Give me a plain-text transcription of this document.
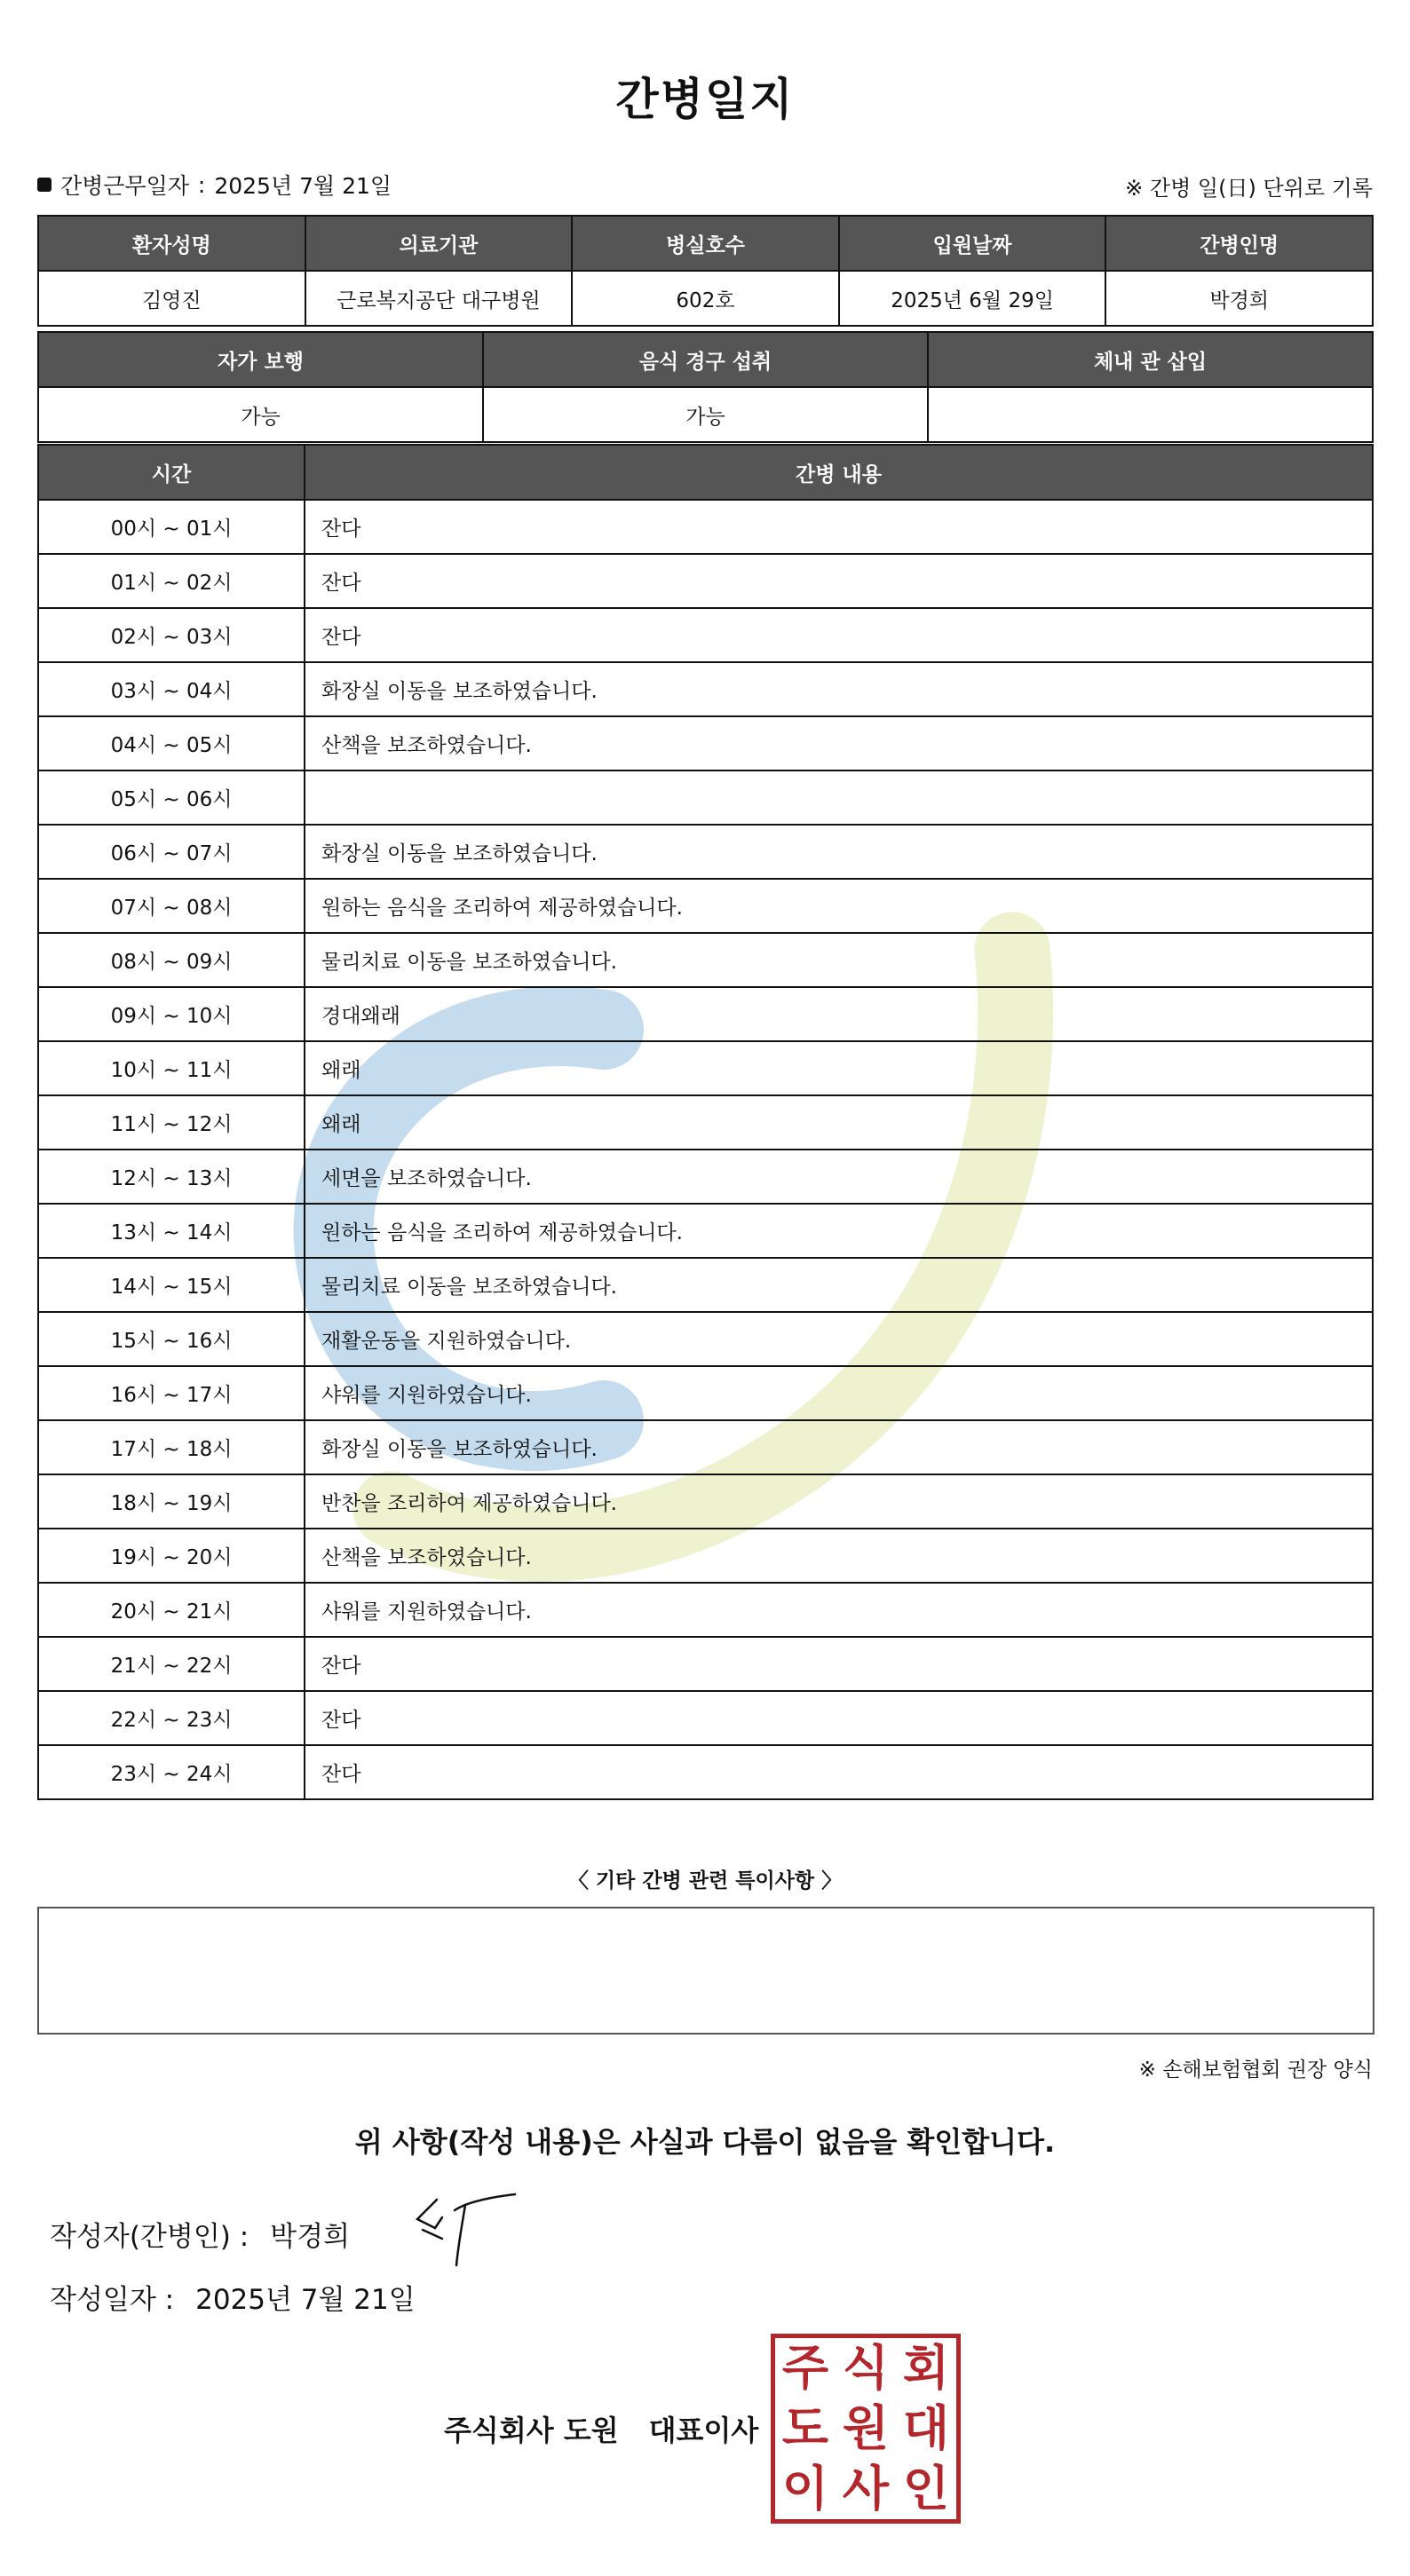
간병일지
간병근무일자 : 2025년 7월 21일	※ 간병 일(日) 단위로 기록
환자성명	의료기관	병실호수	입원날짜	간병인명
김영진	근로복지공단 대구병원	602호	2025년 6월 29일	박경희
자가 보행	음식 경구 섭취	체내 관 삽입
가능	가능	
시간	간병 내용
00시 ~ 01시	잔다
01시 ~ 02시	잔다
02시 ~ 03시	잔다
03시 ~ 04시	화장실 이동을 보조하였습니다.
04시 ~ 05시	산책을 보조하였습니다.
05시 ~ 06시	
06시 ~ 07시	화장실 이동을 보조하였습니다.
07시 ~ 08시	원하는 음식을 조리하여 제공하였습니다.
08시 ~ 09시	물리치료 이동을 보조하였습니다.
09시 ~ 10시	경대왜래
10시 ~ 11시	왜래
11시 ~ 12시	왜래
12시 ~ 13시	세면을 보조하였습니다.
13시 ~ 14시	원하는 음식을 조리하여 제공하였습니다.
14시 ~ 15시	물리치료 이동을 보조하였습니다.
15시 ~ 16시	재활운동을 지원하였습니다.
16시 ~ 17시	샤워를 지원하였습니다.
17시 ~ 18시	화장실 이동을 보조하였습니다.
18시 ~ 19시	반찬을 조리하여 제공하였습니다.
19시 ~ 20시	산책을 보조하였습니다.
20시 ~ 21시	샤워를 지원하였습니다.
21시 ~ 22시	잔다
22시 ~ 23시	잔다
23시 ~ 24시	잔다
〈 기타 간병 관련 특이사항 〉
※ 손해보험협회 권장 양식
위 사항(작성 내용)은 사실과 다름이 없음을 확인합니다.
작성자(간병인) : 박경희
작성일자 : 2025년 7월 21일
주식회사 도원 대표이사
주 식 회
도 원 대
이 사 인
